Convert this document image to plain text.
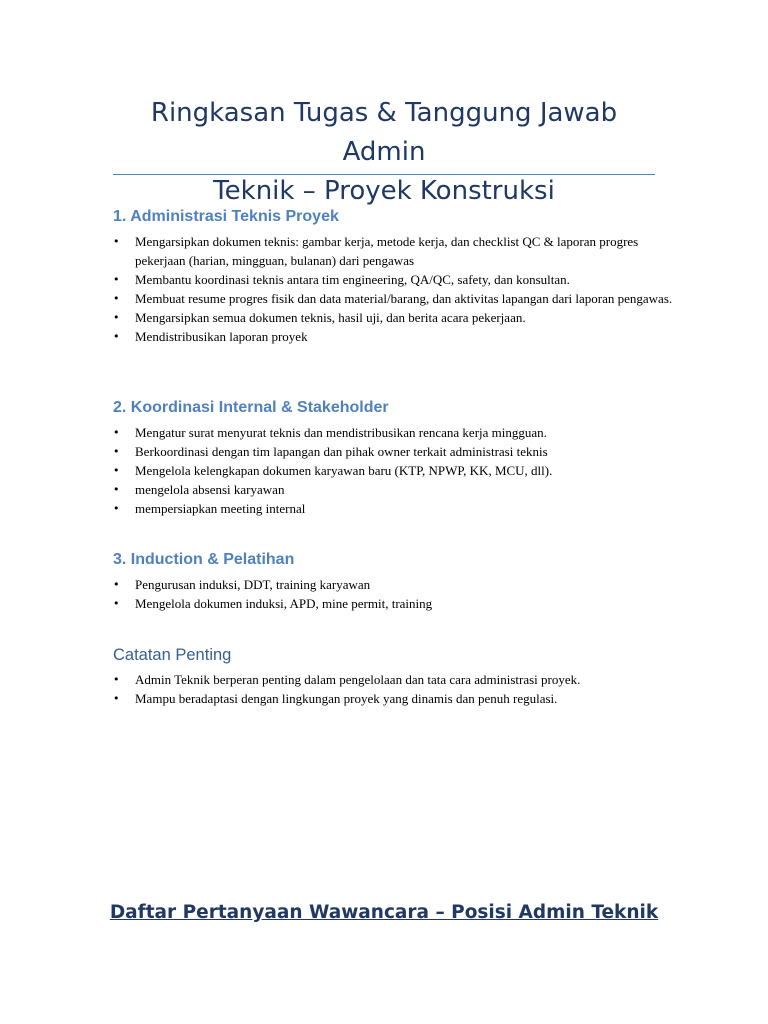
Ringkasan Tugas & Tanggung Jawab Admin
Teknik – Proyek Konstruksi
1. Administrasi Teknis Proyek
• Mengarsipkan dokumen teknis: gambar kerja, metode kerja, dan checklist QC & laporan progres pekerjaan (harian, mingguan, bulanan) dari pengawas
• Membantu koordinasi teknis antara tim engineering, QA/QC, safety, dan konsultan.
• Membuat resume progres fisik dan data material/barang, dan aktivitas lapangan dari laporan pengawas.
• Mengarsipkan semua dokumen teknis, hasil uji, dan berita acara pekerjaan.
• Mendistribusikan laporan proyek
2. Koordinasi Internal & Stakeholder
• Mengatur surat menyurat teknis dan mendistribusikan rencana kerja mingguan.
• Berkoordinasi dengan tim lapangan dan pihak owner terkait administrasi teknis
• Mengelola kelengkapan dokumen karyawan baru (KTP, NPWP, KK, MCU, dll).
• mengelola absensi karyawan
• mempersiapkan meeting internal
3. Induction & Pelatihan
• Pengurusan induksi, DDT, training karyawan
• Mengelola dokumen induksi, APD, mine permit, training
Catatan Penting
• Admin Teknik berperan penting dalam pengelolaan dan tata cara administrasi proyek.
• Mampu beradaptasi dengan lingkungan proyek yang dinamis dan penuh regulasi.
Daftar Pertanyaan Wawancara – Posisi Admin Teknik
